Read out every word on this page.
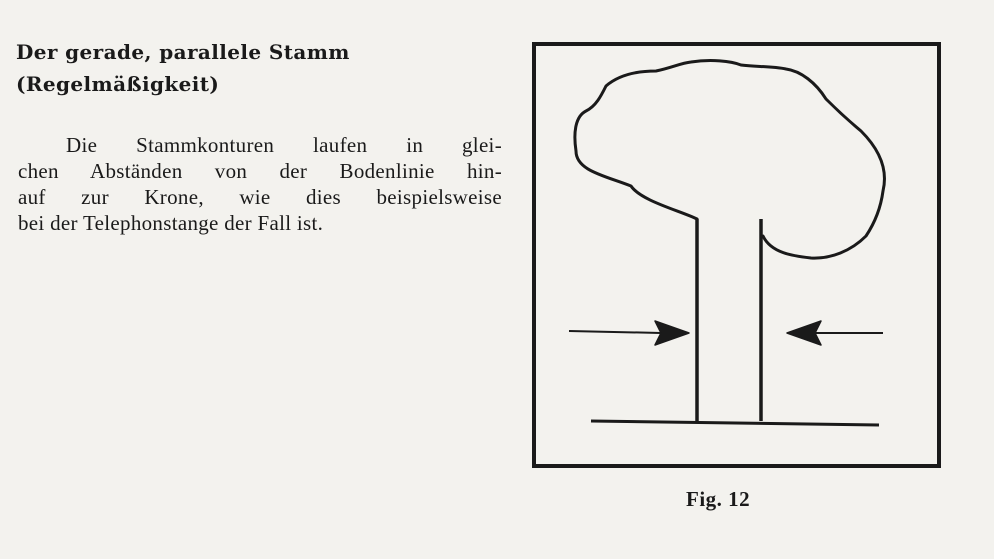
Der gerade, parallele Stamm
(Regelmäßigkeit)

Die Stammkonturen laufen in glei-
chen Abständen von der Bodenlinie hin-
auf zur Krone, wie dies beispielsweise
bei der Telephonstange der Fall ist.

Fig. 12
